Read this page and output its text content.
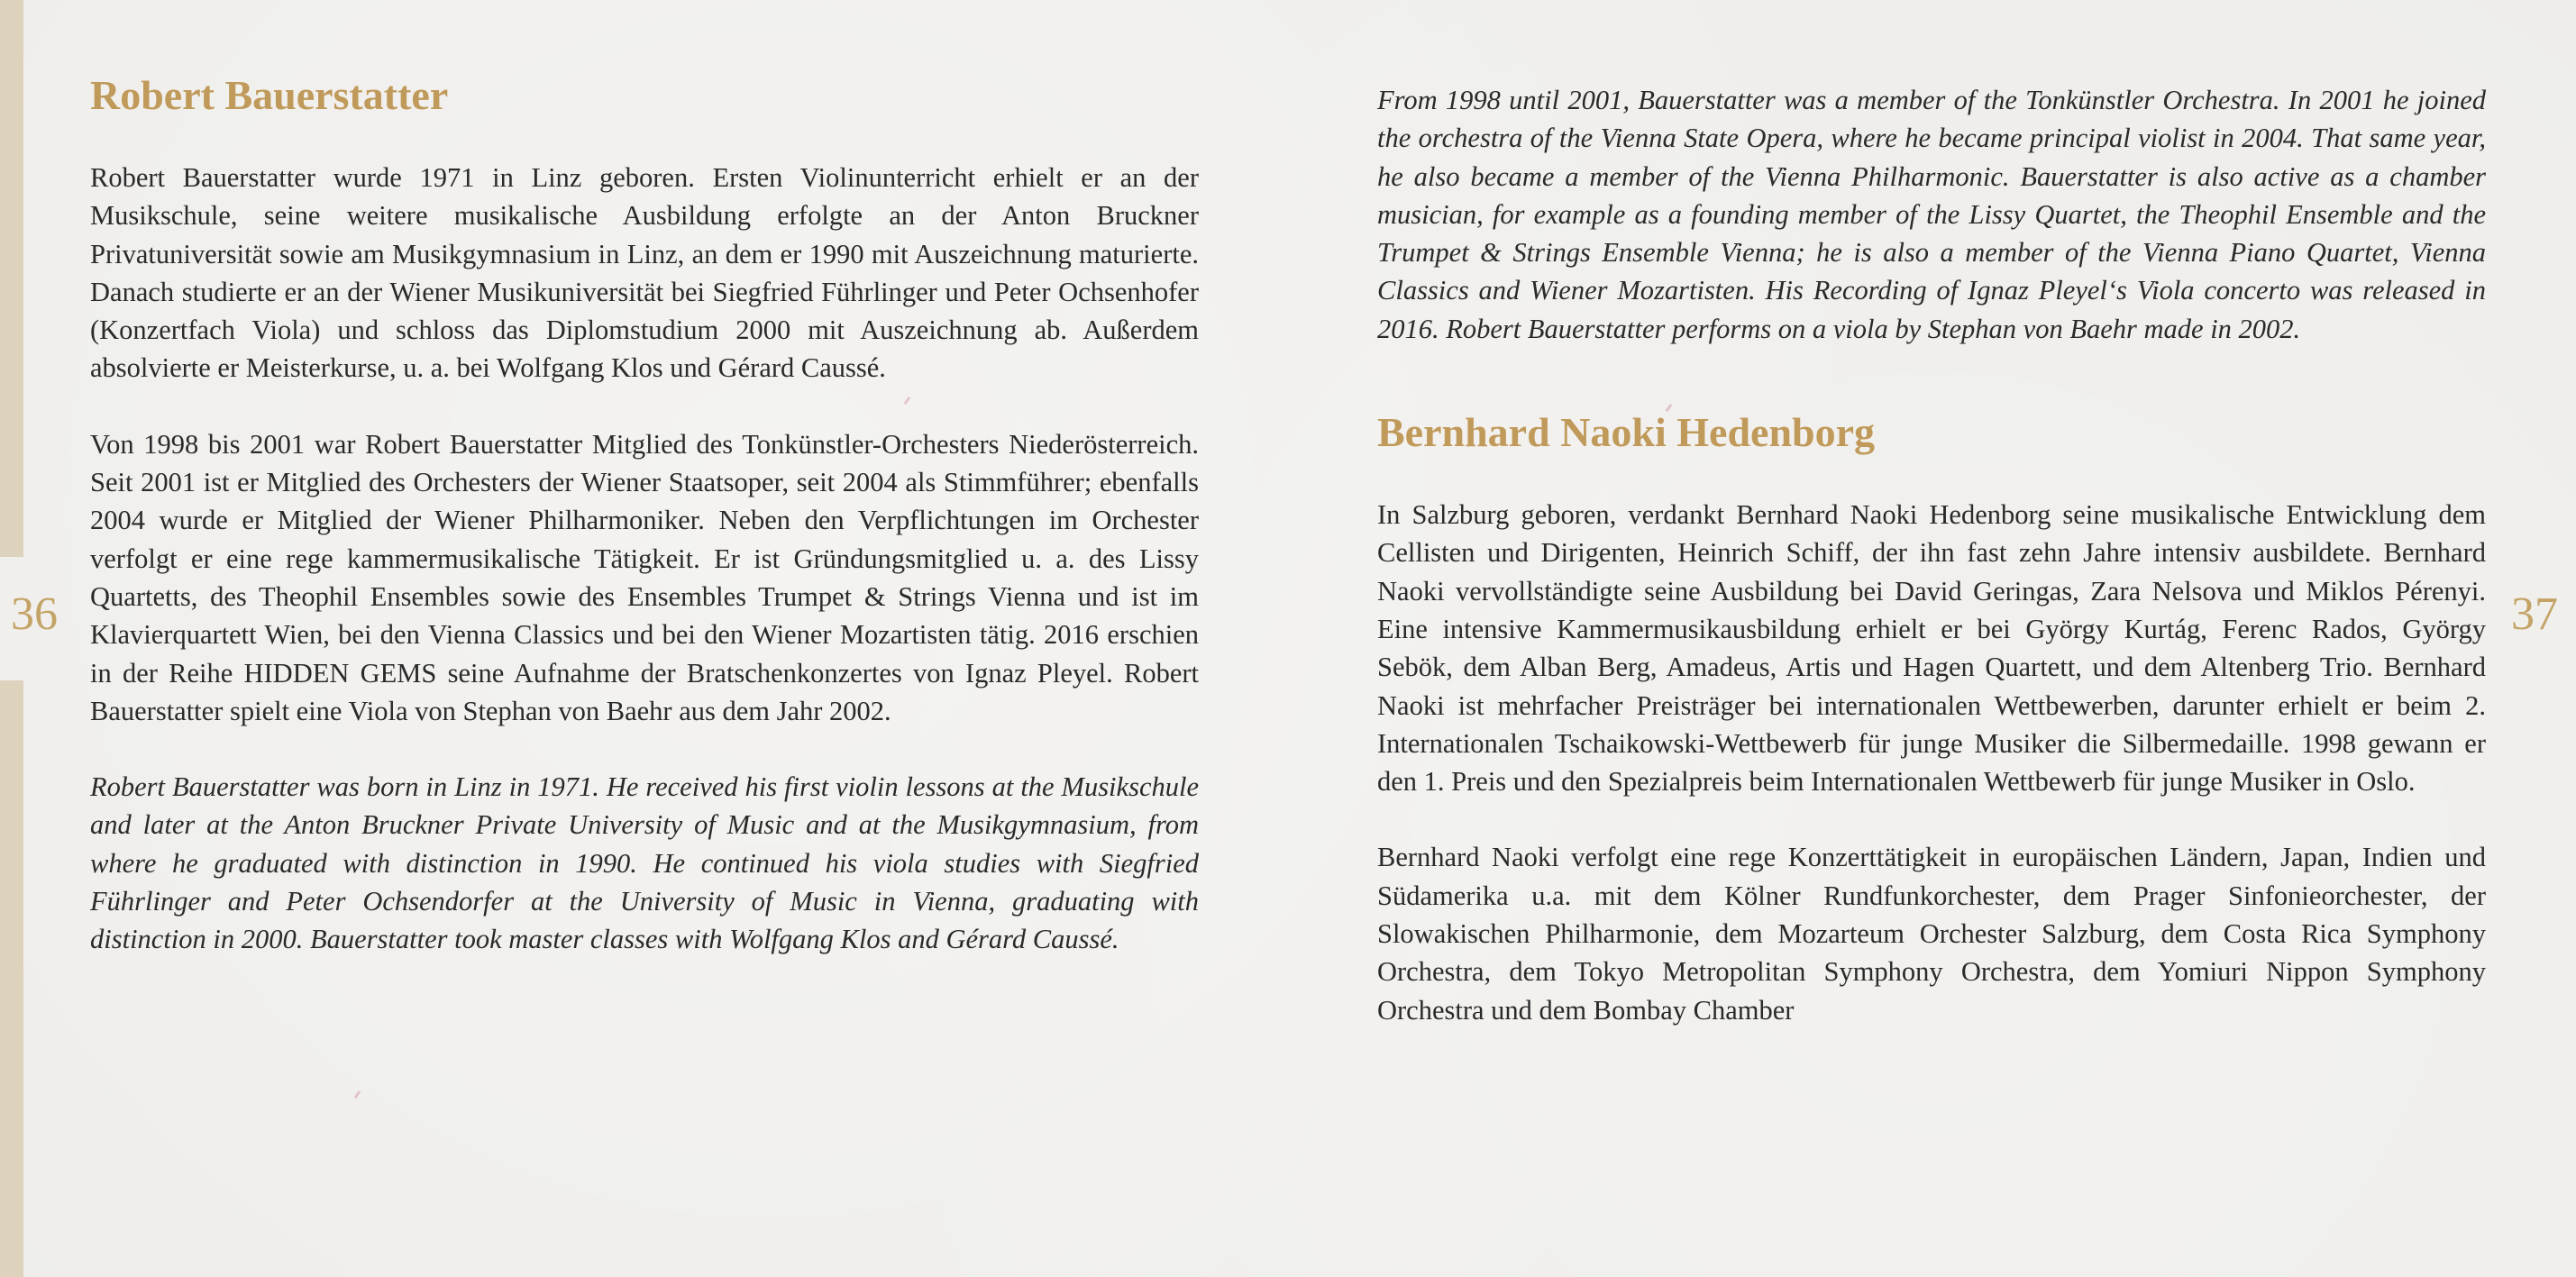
36	37
Robert Bauerstatter

Robert Bauerstatter wurde 1971 in Linz geboren. Ersten Violinunterricht erhielt er an der Musikschule, seine weitere musikalische Ausbildung erfolgte an der Anton Bruckner Privatuniversität sowie am Musikgymnasium in Linz, an dem er 1990 mit Auszeichnung maturierte. Danach studierte er an der Wiener Musikuniversität bei Siegfried Führlinger und Peter Ochsenhofer (Konzertfach Viola) und schloss das Diplomstudium 2000 mit Auszeichnung ab. Außerdem absolvierte er Meisterkurse, u. a. bei Wolfgang Klos und Gérard Caussé.

Von 1998 bis 2001 war Robert Bauerstatter Mitglied des Tonkünstler-Orchesters Niederösterreich. Seit 2001 ist er Mitglied des Orchesters der Wiener Staatsoper, seit 2004 als Stimmführer; ebenfalls 2004 wurde er Mitglied der Wiener Philharmoniker. Neben den Verpflichtungen im Orchester verfolgt er eine rege kammermusikalische Tätigkeit. Er ist Gründungsmitglied u. a. des Lissy Quartetts, des Theophil Ensembles sowie des Ensembles Trumpet & Strings Vienna und ist im Klavierquartett Wien, bei den Vienna Classics und bei den Wiener Mozartisten tätig. 2016 erschien in der Reihe HIDDEN GEMS seine Aufnahme der Bratschenkonzertes von Ignaz Pleyel. Robert Bauerstatter spielt eine Viola von Stephan von Baehr aus dem Jahr 2002.

Robert Bauerstatter was born in Linz in 1971. He received his first violin lessons at the Musikschule and later at the Anton Bruckner Private University of Music and at the Musikgymnasium, from where he graduated with distinction in 1990. He continued his viola studies with Siegfried Führlinger and Peter Ochsendorfer at the University of Music in Vienna, graduating with distinction in 2000. Bauerstatter took master classes with Wolfgang Klos and Gérard Caussé.

From 1998 until 2001, Bauerstatter was a member of the Tonkünstler Orchestra. In 2001 he joined the orchestra of the Vienna State Opera, where he became principal violist in 2004. That same year, he also became a member of the Vienna Philharmonic. Bauerstatter is also active as a chamber musician, for example as a founding member of the Lissy Quartet, the Theophil Ensemble and the Trumpet & Strings Ensemble Vienna; he is also a member of the Vienna Piano Quartet, Vienna Classics and Wiener Mozartisten. His Recording of Ignaz Pleyel‘s Viola concerto was released in 2016. Robert Bauerstatter performs on a viola by Stephan von Baehr made in 2002.

Bernhard Naoki Hedenborg

In Salzburg geboren, verdankt Bernhard Naoki Hedenborg seine musikalische Entwicklung dem Cellisten und Dirigenten, Heinrich Schiff, der ihn fast zehn Jahre intensiv ausbildete. Bernhard Naoki vervollständigte seine Ausbildung bei David Geringas, Zara Nelsova und Miklos Pérenyi. Eine intensive Kammermusikausbildung erhielt er bei György Kurtág, Ferenc Rados, György Sebök, dem Alban Berg, Amadeus, Artis und Hagen Quartett, und dem Altenberg Trio. Bernhard Naoki ist mehrfacher Preisträger bei internationalen Wettbewerben, darunter erhielt er beim 2. Internationalen Tschaikowski-Wettbewerb für junge Musiker die Silbermedaille. 1998 gewann er den 1. Preis und den Spezialpreis beim Internationalen Wettbewerb für junge Musiker in Oslo.

Bernhard Naoki verfolgt eine rege Konzerttätigkeit in europäischen Ländern, Japan, Indien und Südamerika u.a. mit dem Kölner Rundfunkorchester, dem Prager Sinfonieorchester, der Slowakischen Philharmonie, dem Mozarteum Orchester Salzburg, dem Costa Rica Symphony Orchestra, dem Tokyo Metropolitan Symphony Orchestra, dem Yomiuri Nippon Symphony Orchestra und dem Bombay Chamber
